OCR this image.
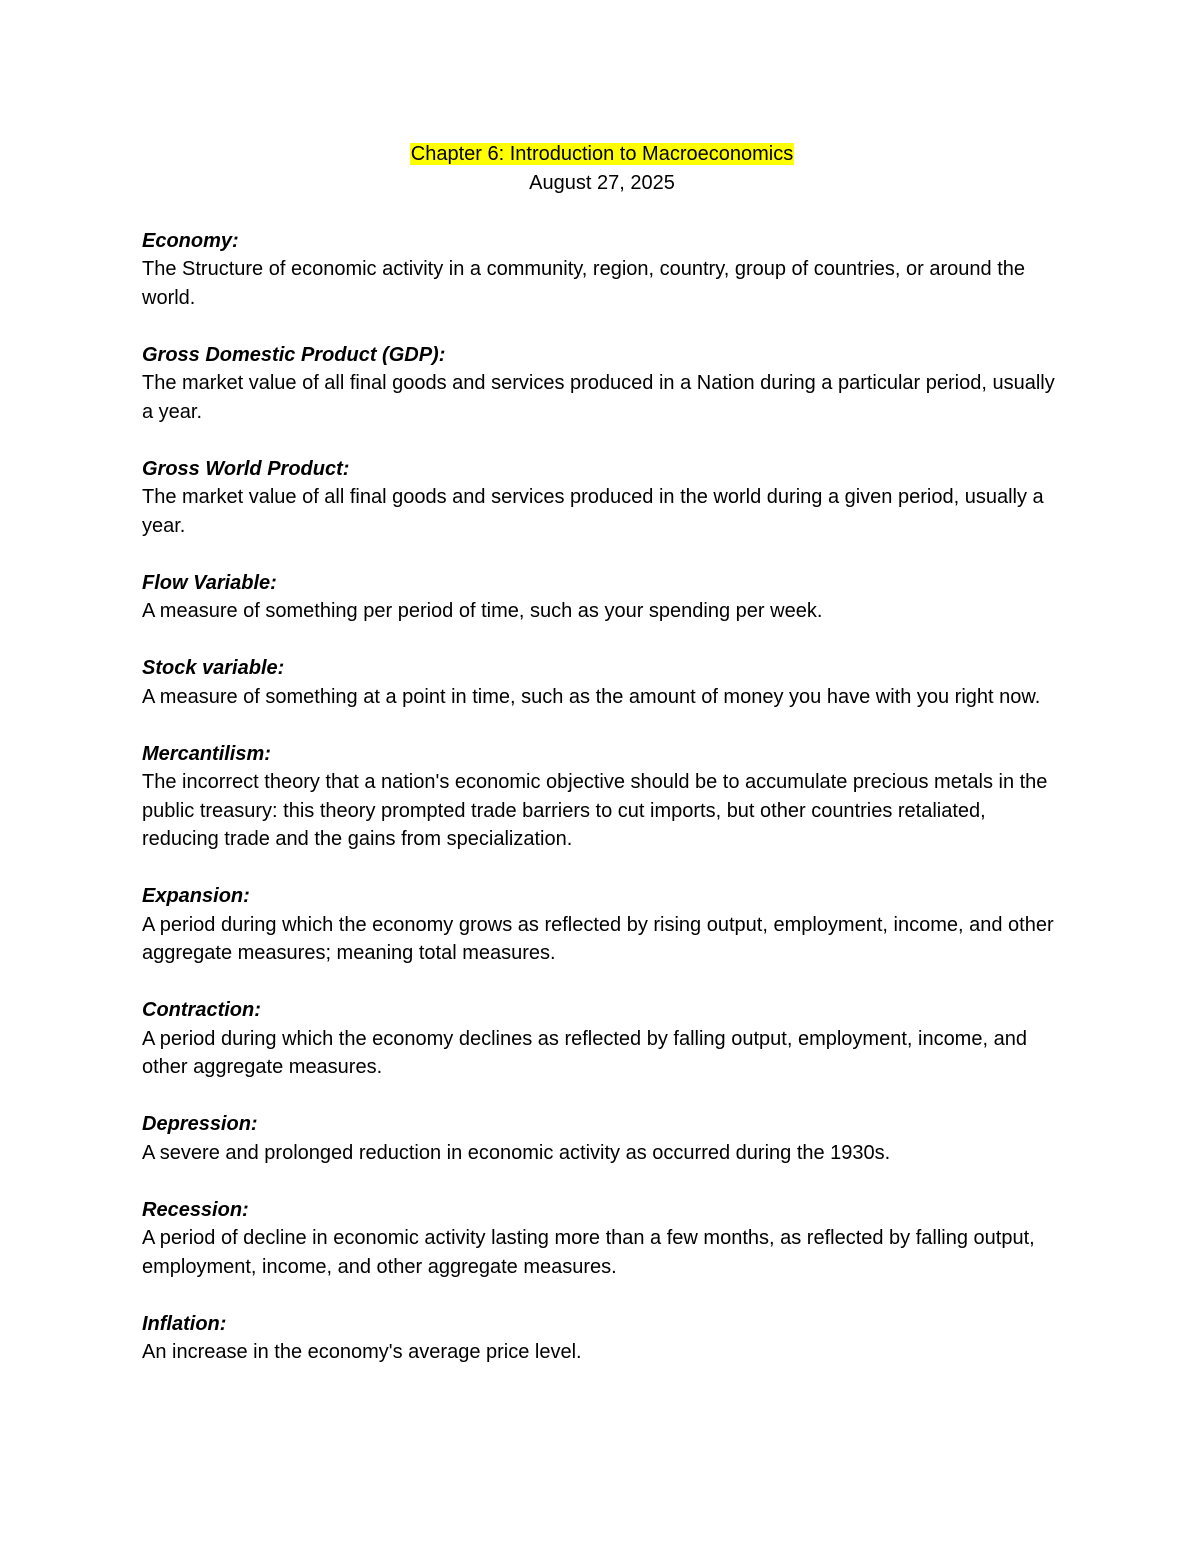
Chapter 6: Introduction to Macroeconomics
August 27, 2025
Economy:
The Structure of economic activity in a community, region, country, group of countries, or around the world.
Gross Domestic Product (GDP):
The market value of all final goods and services produced in a Nation during a particular period, usually a year.
Gross World Product:
The market value of all final goods and services produced in the world during a given period, usually a year.
Flow Variable:
A measure of something per period of time, such as your spending per week.
Stock variable:
A measure of something at a point in time, such as the amount of money you have with you right now.
Mercantilism:
The incorrect theory that a nation's economic objective should be to accumulate precious metals in the public treasury: this theory prompted trade barriers to cut imports, but other countries retaliated, reducing trade and the gains from specialization.
Expansion:
A period during which the economy grows as reflected by rising output, employment, income, and other aggregate measures; meaning total measures.
Contraction:
A period during which the economy declines as reflected by falling output, employment, income, and other aggregate measures.
Depression:
A severe and prolonged reduction in economic activity as occurred during the 1930s.
Recession:
A period of decline in economic activity lasting more than a few months, as reflected by falling output, employment, income, and other aggregate measures.
Inflation:
An increase in the economy's average price level.
